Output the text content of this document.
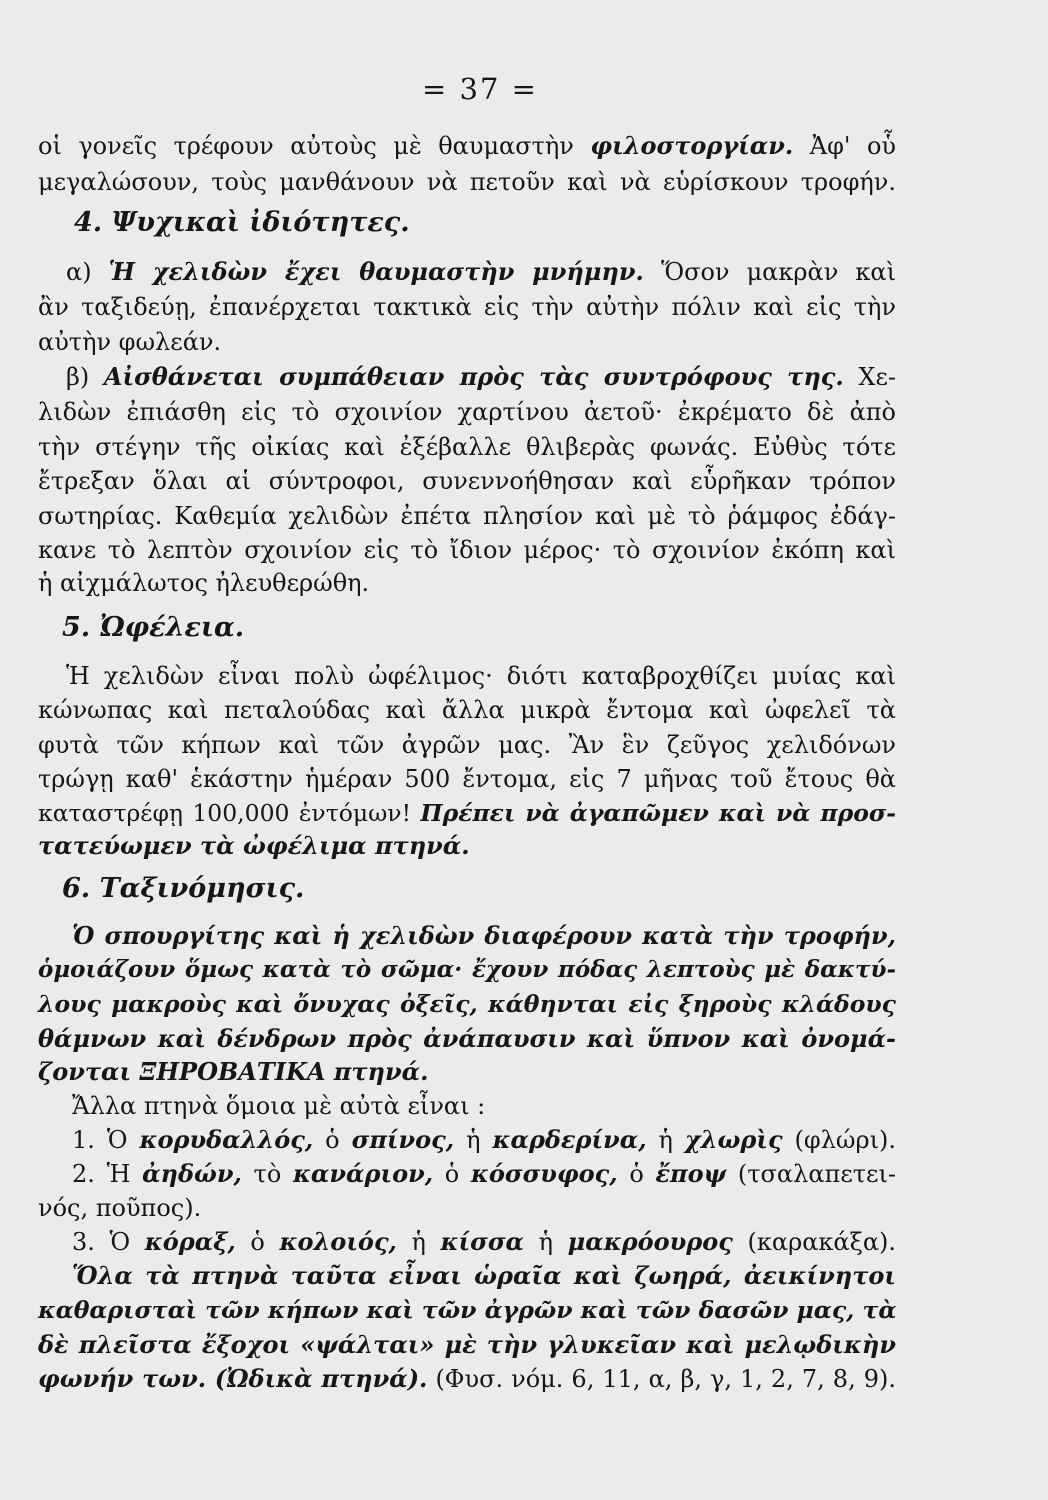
= 37 =
οἱ γονεῖς τρέφουν αὐτοὺς μὲ θαυμαστὴν φιλοστοργίαν. Ἀφ' οὗ
μεγαλώσουν, τοὺς μανθάνουν νὰ πετοῦν καὶ νὰ εὑρίσκουν τροφήν.
4. Ψυχικαὶ ἰδιότητες.
α) Ἡ χελιδὼν ἔχει θαυμαστὴν μνήμην. Ὅσον μακρὰν καὶ
ἂν ταξιδεύῃ, ἐπανέρχεται τακτικὰ εἰς τὴν αὐτὴν πόλιν καὶ εἰς τὴν
αὐτὴν φωλεάν.
β) Αἰσθάνεται συμπάθειαν πρὸς τὰς συντρόφους της. Χε-
λιδὼν ἐπιάσθη εἰς τὸ σχοινίον χαρτίνου ἀετοῦ· ἐκρέματο δὲ ἀπὸ
τὴν στέγην τῆς οἰκίας καὶ ἐξέβαλλε θλιβερὰς φωνάς. Εὐθὺς τότε
ἔτρεξαν ὅλαι αἱ σύντροφοι, συνεννοήθησαν καὶ εὗρῆκαν τρόπον
σωτηρίας. Καθεμία χελιδὼν ἐπέτα πλησίον καὶ μὲ τὸ ῥάμφος ἐδάγ-
κανε τὸ λεπτὸν σχοινίον εἰς τὸ ἴδιον μέρος· τὸ σχοινίον ἐκόπη καὶ
ἡ αἰχμάλωτος ἠλευθερώθη.
5. Ὠφέλεια.
Ἡ χελιδὼν εἶναι πολὺ ὠφέλιμος· διότι καταβροχθίζει μυίας καὶ
κώνωπας καὶ πεταλούδας καὶ ἄλλα μικρὰ ἔντομα καὶ ὠφελεῖ τὰ
φυτὰ τῶν κήπων καὶ τῶν ἀγρῶν μας. Ἂν ἓν ζεῦγος χελιδόνων
τρώγῃ καθ' ἑκάστην ἡμέραν 500 ἔντομα, εἰς 7 μῆνας τοῦ ἔτους θὰ
καταστρέφῃ 100,000 ἐντόμων! Πρέπει νὰ ἀγαπῶμεν καὶ νὰ προσ-
τατεύωμεν τὰ ὠφέλιμα πτηνά.
6. Ταξινόμησις.
Ὁ σπουργίτης καὶ ἡ χελιδὼν διαφέρουν κατὰ τὴν τροφήν,
ὁμοιάζουν ὅμως κατὰ τὸ σῶμα· ἔχουν πόδας λεπτοὺς μὲ δακτύ-
λους μακροὺς καὶ ὄνυχας ὀξεῖς, κάθηνται εἰς ξηροὺς κλάδους
θάμνων καὶ δένδρων πρὸς ἀνάπαυσιν καὶ ὕπνον καὶ ὀνομά-
ζονται ΞΗΡΟΒΑΤΙΚΑ πτηνά.
Ἄλλα πτηνὰ ὅμοια μὲ αὐτὰ εἶναι :
1. Ὁ κορυδαλλός, ὁ σπίνος, ἡ καρδερίνα, ἡ χλωρὶς (φλώρι).
2. Ἡ ἀηδών, τὸ κανάριον, ὁ κόσσυφος, ὁ ἔποψ (τσαλαπετει-
νός, ποῦπος).
3. Ὁ κόραξ, ὁ κολοιός, ἡ κίσσα ἡ μακρόουρος (καρακάξα).
Ὅλα τὰ πτηνὰ ταῦτα εἶναι ὡραῖα καὶ ζωηρά, ἀεικίνητοι
καθαρισταὶ τῶν κήπων καὶ τῶν ἀγρῶν καὶ τῶν δασῶν μας, τὰ
δὲ πλεῖστα ἔξοχοι «ψάλται» μὲ τὴν γλυκεῖαν καὶ μελῳδικὴν
φωνήν των. (Ὠδικὰ πτηνά). (Φυσ. νόμ. 6, 11, α, β, γ, 1, 2, 7, 8, 9).
